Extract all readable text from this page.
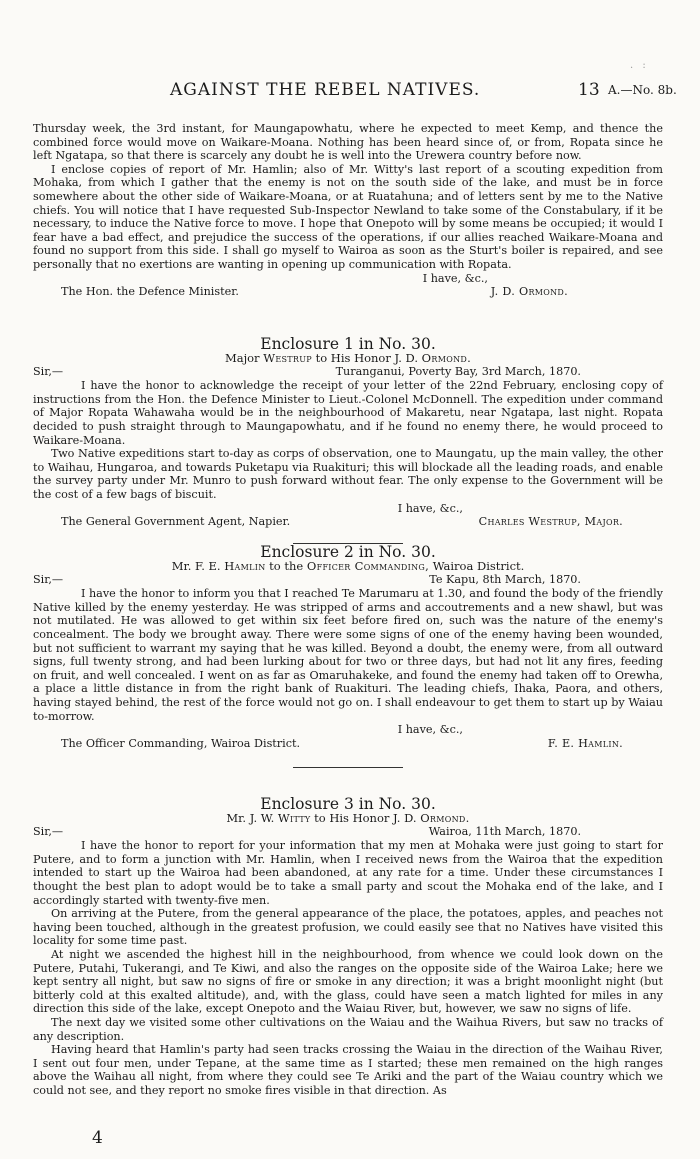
. :
AGAINST THE REBEL NATIVES.	13 A.—No. 8b.

Thursday week, the 3rd instant, for Maungapowhatu, where he expected to meet Kemp, and thence the combined force would move on Waikare-Moana. Nothing has been heard since of, or from, Ropata since he left Ngatapa, so that there is scarcely any doubt he is well into the Urewera country before now.

I enclose copies of report of Mr. Hamlin; also of Mr. Witty's last report of a scouting expedition from Mohaka, from which I gather that the enemy is not on the south side of the lake, and must be in force somewhere about the other side of Waikare-Moana, or at Ruatahuna; and of letters sent by me to the Native chiefs. You will notice that I have requested Sub-Inspector Newland to take some of the Constabulary, if it be necessary, to induce the Native force to move. I hope that Onepoto will by some means be occupied; it would I fear have a bad effect, and prejudice the success of the operations, if our allies reached Waikare-Moana and found no support from this side. I shall go myself to Wairoa as soon as the Sturt's boiler is repaired, and see personally that no exertions are wanting in opening up communication with Ropata.

I have, &c.,
The Hon. the Defence Minister.	J. D. Ormond.

Enclosure 1 in No. 30.

Major Westrup to His Honor J. D. Ormond.

Sir,—	Turanganui, Poverty Bay, 3rd March, 1870.

I have the honor to acknowledge the receipt of your letter of the 22nd February, enclosing copy of instructions from the Hon. the Defence Minister to Lieut.-Colonel McDonnell. The expedition under command of Major Ropata Wahawaha would be in the neighbourhood of Makaretu, near Ngatapa, last night. Ropata decided to push straight through to Maungapowhatu, and if he found no enemy there, he would proceed to Waikare-Moana.

Two Native expeditions start to-day as corps of observation, one to Maungatu, up the main valley, the other to Waihau, Hungaroa, and towards Puketapu via Ruakituri; this will blockade all the leading roads, and enable the survey party under Mr. Munro to push forward without fear. The only expense to the Government will be the cost of a few bags of biscuit.

I have, &c.,
The General Government Agent, Napier.	Charles Westrup, Major.

Enclosure 2 in No. 30.

Mr. F. E. Hamlin to the Officer Commanding, Wairoa District.

Sir,—	Te Kapu, 8th March, 1870.

I have the honor to inform you that I reached Te Marumaru at 1.30, and found the body of the friendly Native killed by the enemy yesterday. He was stripped of arms and accoutrements and a new shawl, but was not mutilated. He was allowed to get within six feet before fired on, such was the nature of the enemy's concealment. The body we brought away. There were some signs of one of the enemy having been wounded, but not sufficient to warrant my saying that he was killed. Beyond a doubt, the enemy were, from all outward signs, full twenty strong, and had been lurking about for two or three days, but had not lit any fires, feeding on fruit, and well concealed. I went on as far as Omaruhakeke, and found the enemy had taken off to Orewha, a place a little distance in from the right bank of Ruakituri. The leading chiefs, Ihaka, Paora, and others, having stayed behind, the rest of the force would not go on. I shall endeavour to get them to start up by Waiau to-morrow.

I have, &c.,
The Officer Commanding, Wairoa District.	F. E. Hamlin.

Enclosure 3 in No. 30.

Mr. J. W. Witty to His Honor J. D. Ormond.

Sir,—	Wairoa, 11th March, 1870.

I have the honor to report for your information that my men at Mohaka were just going to start for Putere, and to form a junction with Mr. Hamlin, when I received news from the Wairoa that the expedition intended to start up the Wairoa had been abandoned, at any rate for a time. Under these circumstances I thought the best plan to adopt would be to take a small party and scout the Mohaka end of the lake, and I accordingly started with twenty-five men.

On arriving at the Putere, from the general appearance of the place, the potatoes, apples, and peaches not having been touched, although in the greatest profusion, we could easily see that no Natives have visited this locality for some time past.

At night we ascended the highest hill in the neighbourhood, from whence we could look down on the Putere, Putahi, Tukerangi, and Te Kiwi, and also the ranges on the opposite side of the Wairoa Lake; here we kept sentry all night, but saw no signs of fire or smoke in any direction; it was a bright moonlight night (but bitterly cold at this exalted altitude), and, with the glass, could have seen a match lighted for miles in any direction this side of the lake, except Onepoto and the Waiau River, but, however, we saw no signs of life.

The next day we visited some other cultivations on the Waiau and the Waihua Rivers, but saw no tracks of any description.

Having heard that Hamlin's party had seen tracks crossing the Waiau in the direction of the Waihau River, I sent out four men, under Tepane, at the same time as I started; these men remained on the high ranges above the Waihau all night, from where they could see Te Ariki and the part of the Waiau country which we could not see, and they report no smoke fires visible in that direction. As

4
